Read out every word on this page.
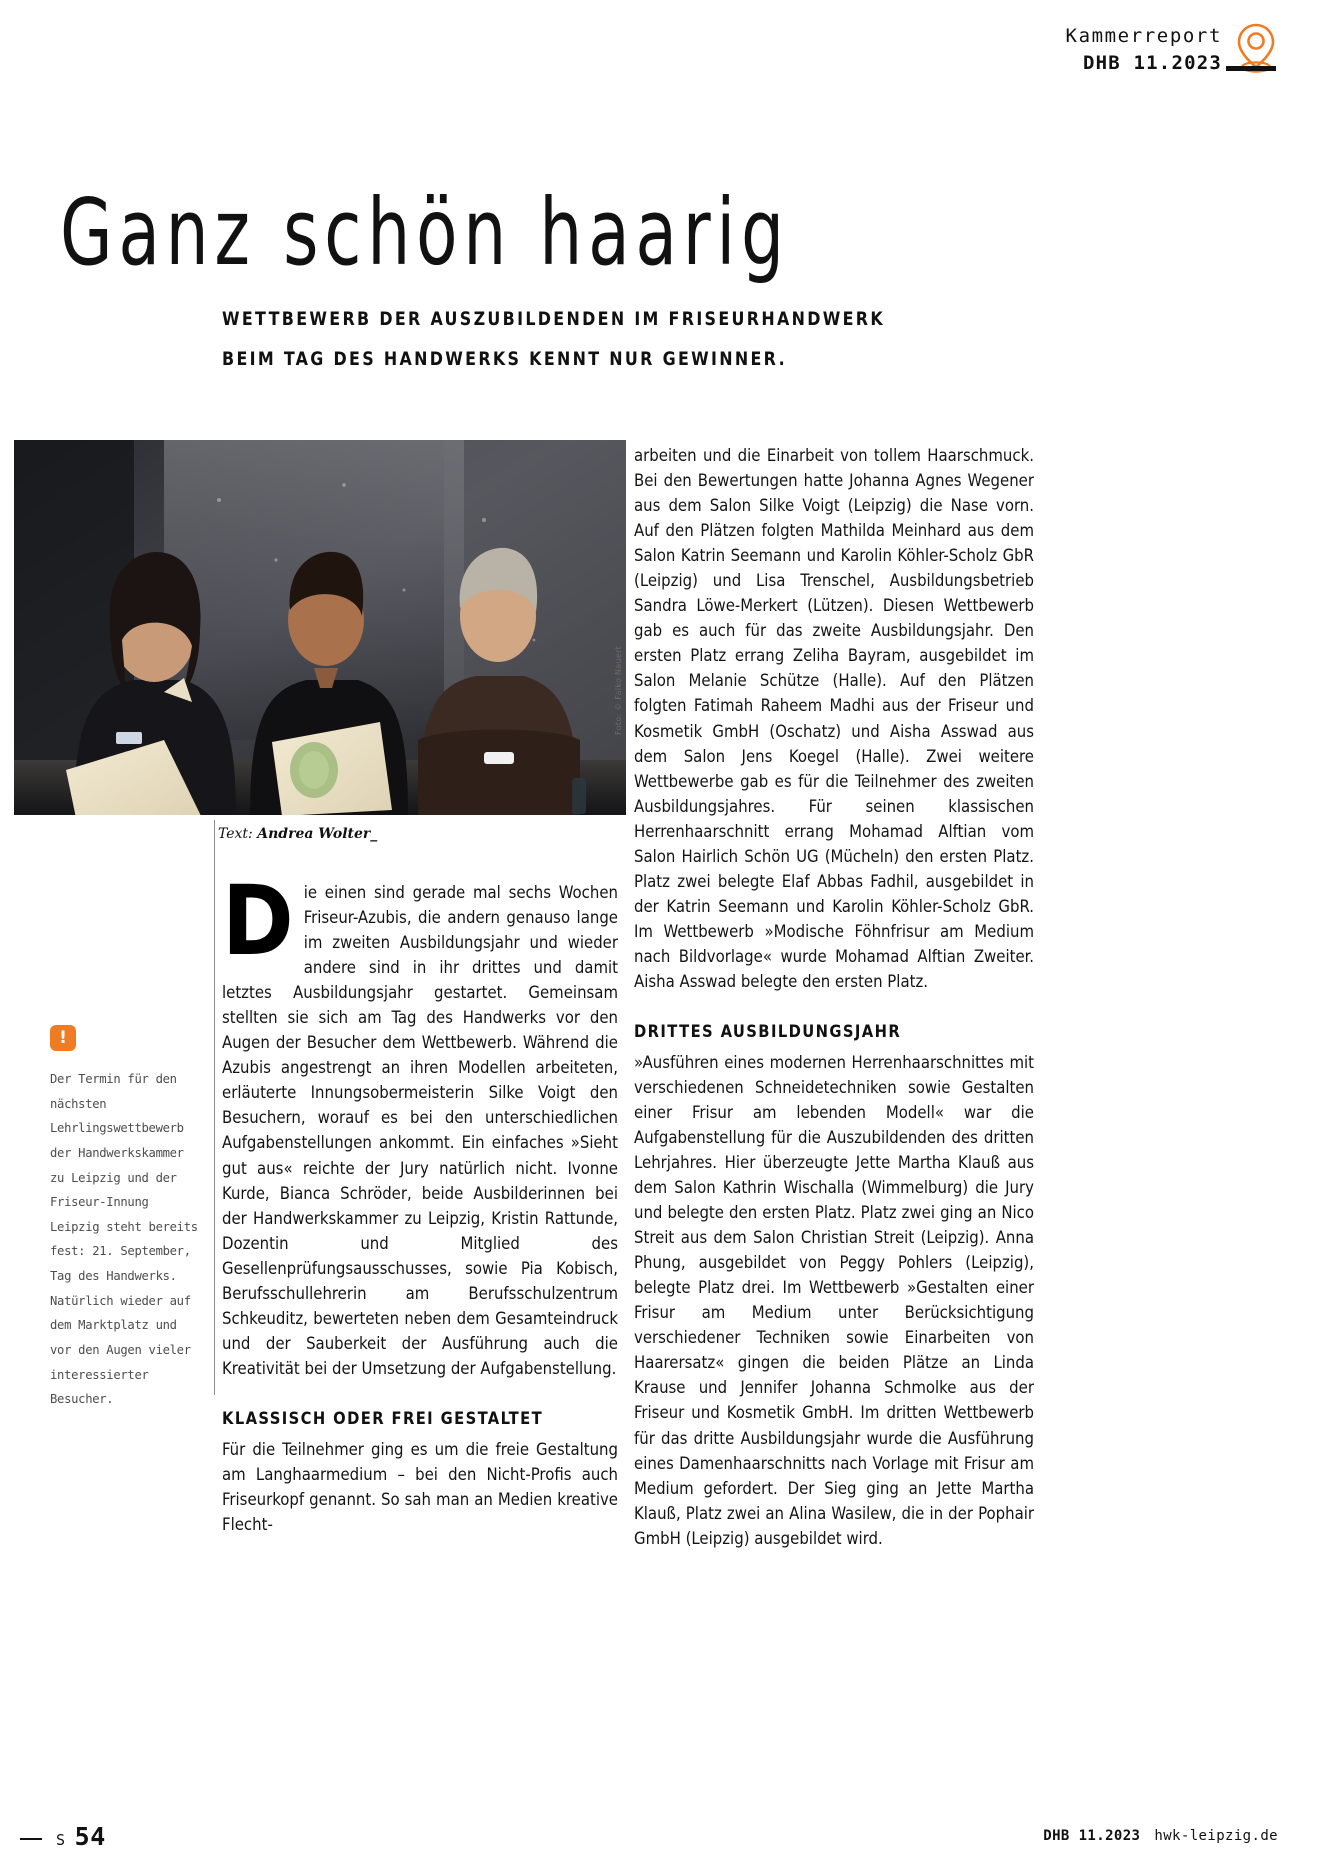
Kammerreport
DHB 11.2023
Ganz schön haarig
WETTBEWERB DER AUSZUBILDENDEN IM FRISEURHANDWERK
BEIM TAG DES HANDWERKS KENNT NUR GEWINNER.
Foto: © Falko Nauert
Text: Andrea Wolter_
!
Der Termin für den nächsten Lehrlingswettbewerb der Handwerkskammer zu Leipzig und der Friseur-Innung Leipzig steht bereits fest: 21. September, Tag des Handwerks. Natürlich wieder auf dem Marktplatz und vor den Augen vieler interessierter Besucher.

Die einen sind gerade mal sechs Wochen Friseur-Azubis, die andern genauso lange im zweiten Ausbildungsjahr und wieder andere sind in ihr drittes und damit letztes Ausbildungsjahr gestartet. Gemeinsam stellten sie sich am Tag des Handwerks vor den Augen der Besucher dem Wettbewerb. Während die Azubis angestrengt an ihren Modellen arbeiteten, erläuterte Innungsobermeisterin Silke Voigt den Besuchern, worauf es bei den unterschiedlichen Aufgabenstellungen ankommt. Ein einfaches »Sieht gut aus« reichte der Jury natürlich nicht. Ivonne Kurde, Bianca Schröder, beide Ausbilderinnen bei der Handwerkskammer zu Leipzig, Kristin Rattunde, Dozentin und Mitglied des Gesellenprüfungsausschusses, sowie Pia Kobisch, Berufsschullehrerin am Berufsschulzentrum Schkeuditz, bewerteten neben dem Gesamteindruck und der Sauberkeit der Ausführung auch die Kreativität bei der Umsetzung der Aufgabenstellung.

KLASSISCH ODER FREI GESTALTET

Für die Teilnehmer ging es um die freie Gestaltung am Langhaarmedium – bei den Nicht-Profis auch Friseurkopf genannt. So sah man an Medien kreative Flecht-

arbeiten und die Einarbeit von tollem Haarschmuck. Bei den Bewertungen hatte Johanna Agnes Wegener aus dem Salon Silke Voigt (Leipzig) die Nase vorn. Auf den Plätzen folgten Mathilda Meinhard aus dem Salon Katrin Seemann und Karolin Köhler-Scholz GbR (Leipzig) und Lisa Trenschel, Ausbildungsbetrieb Sandra Löwe-Merkert (Lützen). Diesen Wettbewerb gab es auch für das zweite Ausbildungsjahr. Den ersten Platz errang Zeliha Bayram, ausgebildet im Salon Melanie Schütze (Halle). Auf den Plätzen folgten Fatimah Raheem Madhi aus der Friseur und Kosmetik GmbH (Oschatz) und Aisha Asswad aus dem Salon Jens Koegel (Halle). Zwei weitere Wettbewerbe gab es für die Teilnehmer des zweiten Ausbildungsjahres. Für seinen klassischen Herrenhaarschnitt errang Mohamad Alftian vom Salon Hairlich Schön UG (Mücheln) den ersten Platz. Platz zwei belegte Elaf Abbas Fadhil, ausgebildet in der Katrin Seemann und Karolin Köhler-Scholz GbR. Im Wettbewerb »Modische Föhnfrisur am Medium nach Bildvorlage« wurde Mohamad Alftian Zweiter. Aisha Asswad belegte den ersten Platz.

DRITTES AUSBILDUNGSJAHR

»Ausführen eines modernen Herrenhaarschnittes mit verschiedenen Schneidetechniken sowie Gestalten einer Frisur am lebenden Modell« war die Aufgabenstellung für die Auszubildenden des dritten Lehrjahres. Hier überzeugte Jette Martha Klauß aus dem Salon Kathrin Wischalla (Wimmelburg) die Jury und belegte den ersten Platz. Platz zwei ging an Nico Streit aus dem Salon Christian Streit (Leipzig). Anna Phung, ausgebildet von Peggy Pohlers (Leipzig), belegte Platz drei. Im Wettbewerb »Gestalten einer Frisur am Medium unter Berücksichtigung verschiedener Techniken sowie Einarbeiten von Haarersatz« gingen die beiden Plätze an Linda Krause und Jennifer Johanna Schmolke aus der Friseur und Kosmetik GmbH. Im dritten Wettbewerb für das dritte Ausbildungsjahr wurde die Ausführung eines Damenhaarschnitts nach Vorlage mit Frisur am Medium gefordert. Der Sieg ging an Jette Martha Klauß, Platz zwei an Alina Wasilew, die in der Pophair GmbH (Leipzig) ausgebildet wird.

S 54	DHB 11.2023 hwk-leipzig.de
